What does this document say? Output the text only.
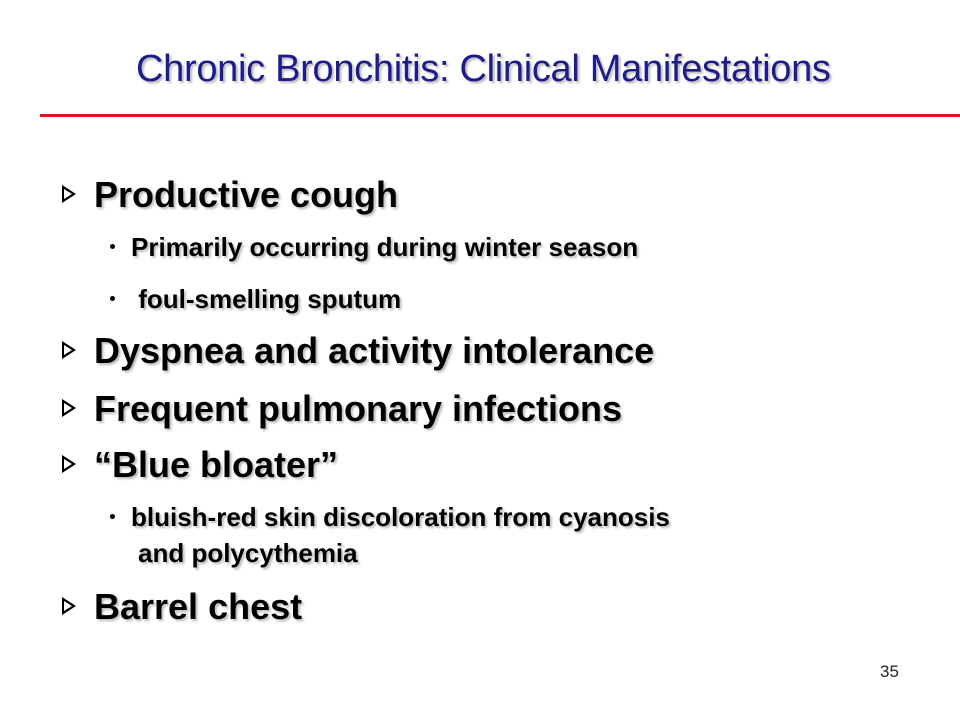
Chronic Bronchitis: Clinical Manifestations
Productive cough
Primarily occurring during winter season
foul-smelling sputum
Dyspnea and activity intolerance
Frequent pulmonary infections
“Blue bloater”
bluish-red skin discoloration from cyanosis
and polycythemia
Barrel chest
35
